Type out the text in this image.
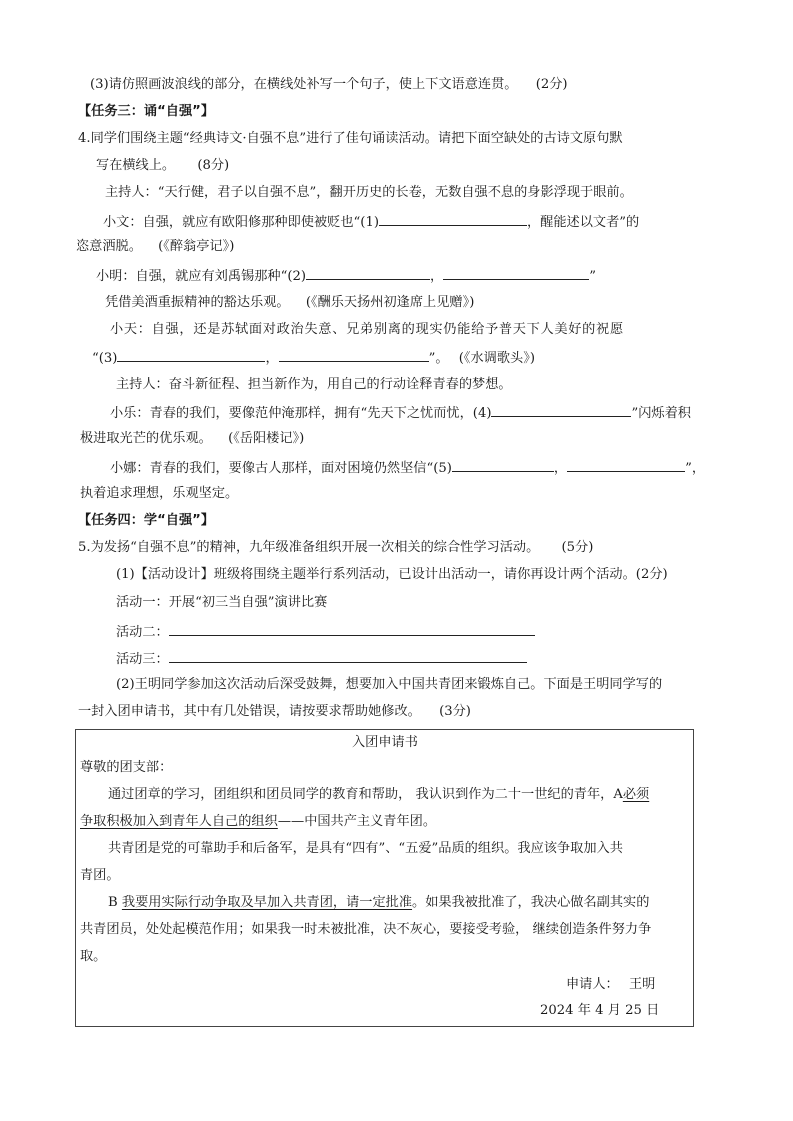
(3)请仿照画波浪线的部分，在横线处补写一个句子，使上下文语意连贯。 (2分)
【任务三：诵“自强”】
4.同学们围绕主题“经典诗文·自强不息”进行了佳句诵读活动。请把下面空缺处的古诗文原句默
写在横线上。 (8分)
主持人：“天行健，君子以自强不息”，翻开历史的长卷，无数自强不息的身影浮现于眼前。
小文：自强，就应有欧阳修那种即使被贬也“(1)	，醒能述以文者”的
恣意洒脱。 (《醉翁亭记》)
小明：自强，就应有刘禹锡那种“(2)	，	”
凭借美酒重振精神的豁达乐观。 (《酬乐天扬州初逢席上见赠》)
小天：自强，还是苏轼面对政治失意、兄弟别离的现实仍能给予普天下人美好的祝愿
“(3)	，	”。 (《水调歌头》)
主持人：奋斗新征程、担当新作为，用自己的行动诠释青春的梦想。
小乐：青春的我们，要像范仲淹那样，拥有“先天下之忧而忧，(4)	”闪烁着积
极进取光芒的优乐观。 (《岳阳楼记》)
小娜：青春的我们，要像古人那样，面对困境仍然坚信“(5)	，	”，
执着追求理想，乐观坚定。
【任务四：学“自强”】
5.为发扬“自强不息”的精神，九年级准备组织开展一次相关的综合性学习活动。 (5分)
(1)【活动设计】班级将围绕主题举行系列活动，已设计出活动一，请你再设计两个活动。(2分)
活动一：开展“初三当自强”演讲比赛
活动二：
活动三：
(2)王明同学参加这次活动后深受鼓舞，想要加入中国共青团来锻炼自己。下面是王明同学写的
一封入团申请书，其中有几处错误，请按要求帮助她修改。 (3分)
入团申请书
尊敬的团支部：
通过团章的学习，团组织和团员同学的教育和帮助， 我认识到作为二十一世纪的青年，A必须
争取积极加入到青年人自己的组织——中国共产主义青年团。
共青团是党的可靠助手和后备军，是具有“四有”、“五爱”品质的组织。我应该争取加入共
青团。
B 我要用实际行动争取及早加入共青团，请一定批准。如果我被批准了，我决心做名副其实的
共青团员，处处起模范作用；如果我一时未被批准，决不灰心，要接受考验， 继续创造条件努力争
取。
申请人： 王明
2024 年 4 月 25 日
